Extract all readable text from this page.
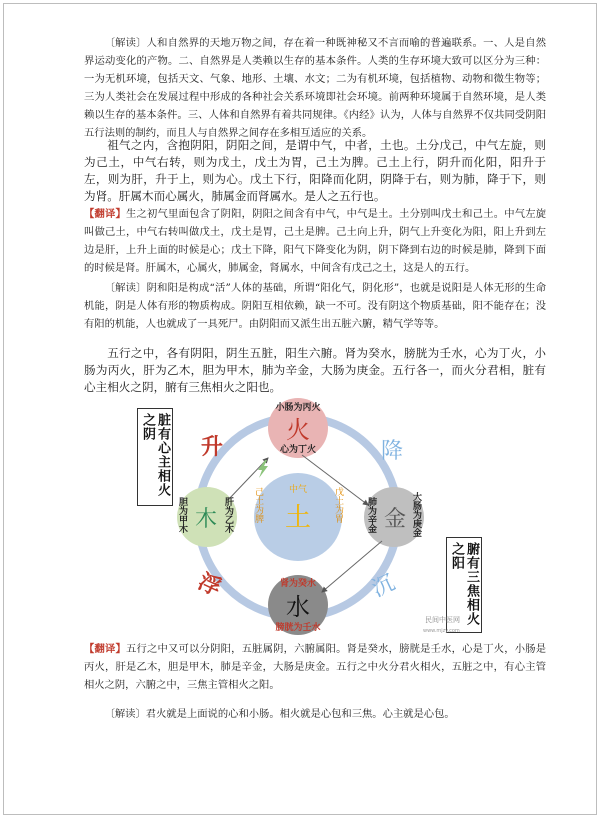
〔解读〕人和自然界的天地万物之间，存在着一种既神秘又不言而喻的普遍联系。一、人是自然界运动变化的产物。二、自然界是人类赖以生存的基本条件。人类的生存环境大致可以区分为三种：一为无机环境，包括天文、气象、地形、土壤、水文；二为有机环境，包括植物、动物和微生物等；三为人类社会在发展过程中形成的各种社会关系环境即社会环境。前两种环境属于自然环境，是人类赖以生存的基本条件。三、人体和自然界有着共同规律。《内经》认为，人体与自然界不仅共同受阴阳五行法则的制约，而且人与自然界之间存在多相互适应的关系。

祖气之内，含抱阴阳，阴阳之间，是谓中气，中者，土也。土分戊己，中气左旋，则为己土，中气右转，则为戊土，戊土为胃，己土为脾。己土上行，阴升而化阳，阳升于左，则为肝，升于上，则为心。戊土下行，阳降而化阴，阴降于右，则为肺，降于下，则为肾。肝属木而心属火，肺属金而肾属水。是人之五行也。

【翻译】生之初气里面包含了阴阳，阴阳之间含有中气，中气是土。土分别叫戊土和己土。中气左旋叫做己土，中气右转叫做戊土，戊土是胃，己土是脾。己土向上升，阴气上升变化为阳，阳上升到左边是肝，上升上面的时候是心；戊土下降，阳气下降变化为阴，阴下降到右边的时候是肺，降到下面的时候是肾。肝属木，心属火，肺属金，肾属水，中间含有戊己之土，这是人的五行。

〔解读〕阴和阳是构成“活”人体的基础，所谓“阳化气，阴化形”，也就是说阳是人体无形的生命机能，阴是人体有形的物质构成。阴阳互相依赖，缺一不可。没有阴这个物质基础，阳不能存在；没有阳的机能，人也就成了一具死尸。由阴阳而又派生出五脏六腑，精气学等等。

五行之中，各有阴阳，阴生五脏，阳生六腑。肾为癸水，膀胱为壬水，心为丁火，小肠为丙火，肝为乙木，胆为甲木，肺为辛金，大肠为庚金。五行各一，而火分君相，脏有心主相火之阴，腑有三焦相火之阳也。

脏有心主相火之阴
腑有三焦相火之阳
小肠为丙火
火
心为丁火
木
胆为甲木	肝为乙木	金
肺为辛金	大肠为庚金
肾为癸水
水
膀胱为壬水
中气
土
己土为脾	戊土为胃
升	降
沉
浮
民间中医网
www.mjzy.com

【翻译】五行之中又可以分阴阳，五脏属阴，六腑属阳。肾是癸水，膀胱是壬水，心是丁火，小肠是丙火，肝是乙木，胆是甲木，肺是辛金，大肠是庚金。五行之中火分君火相火，五脏之中，有心主管相火之阴，六腑之中，三焦主管相火之阳。

〔解读〕君火就是上面说的心和小肠。相火就是心包和三焦。心主就是心包。
